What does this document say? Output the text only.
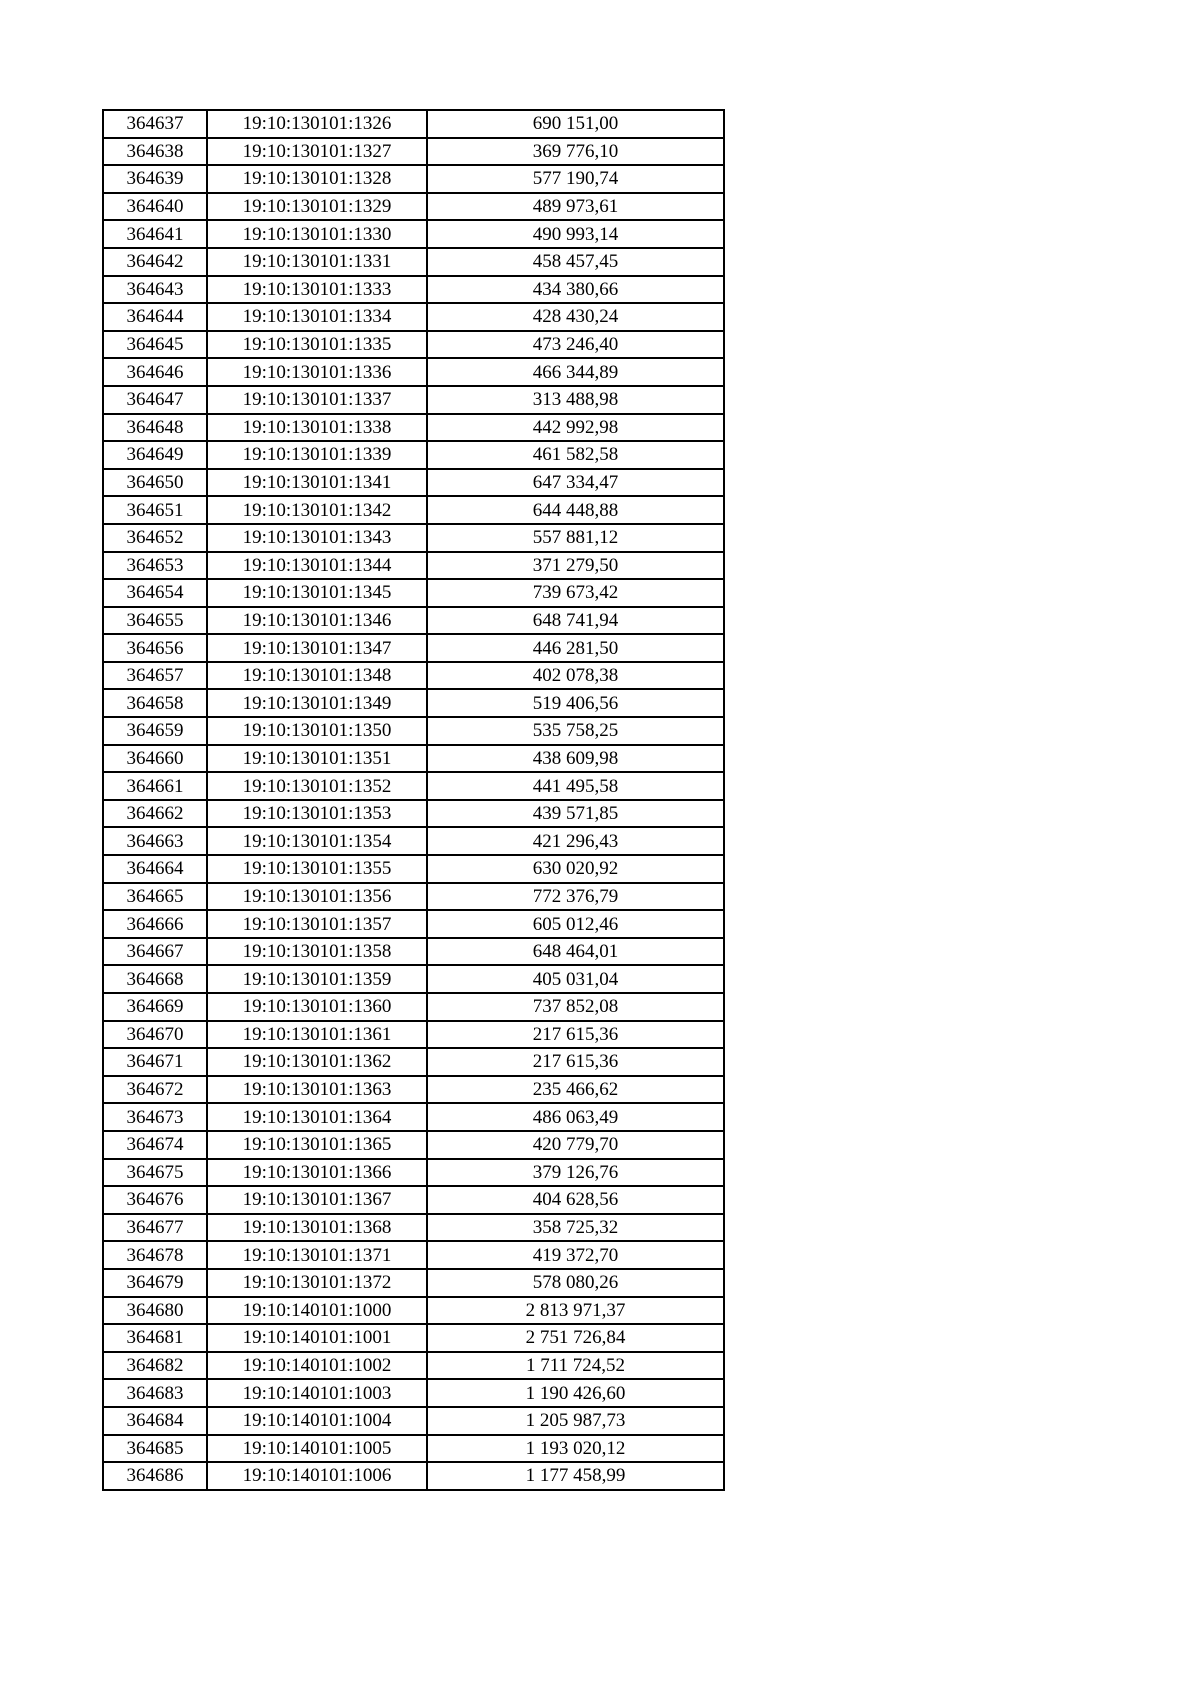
364637	19:10:130101:1326	690 151,00
364638	19:10:130101:1327	369 776,10
364639	19:10:130101:1328	577 190,74
364640	19:10:130101:1329	489 973,61
364641	19:10:130101:1330	490 993,14
364642	19:10:130101:1331	458 457,45
364643	19:10:130101:1333	434 380,66
364644	19:10:130101:1334	428 430,24
364645	19:10:130101:1335	473 246,40
364646	19:10:130101:1336	466 344,89
364647	19:10:130101:1337	313 488,98
364648	19:10:130101:1338	442 992,98
364649	19:10:130101:1339	461 582,58
364650	19:10:130101:1341	647 334,47
364651	19:10:130101:1342	644 448,88
364652	19:10:130101:1343	557 881,12
364653	19:10:130101:1344	371 279,50
364654	19:10:130101:1345	739 673,42
364655	19:10:130101:1346	648 741,94
364656	19:10:130101:1347	446 281,50
364657	19:10:130101:1348	402 078,38
364658	19:10:130101:1349	519 406,56
364659	19:10:130101:1350	535 758,25
364660	19:10:130101:1351	438 609,98
364661	19:10:130101:1352	441 495,58
364662	19:10:130101:1353	439 571,85
364663	19:10:130101:1354	421 296,43
364664	19:10:130101:1355	630 020,92
364665	19:10:130101:1356	772 376,79
364666	19:10:130101:1357	605 012,46
364667	19:10:130101:1358	648 464,01
364668	19:10:130101:1359	405 031,04
364669	19:10:130101:1360	737 852,08
364670	19:10:130101:1361	217 615,36
364671	19:10:130101:1362	217 615,36
364672	19:10:130101:1363	235 466,62
364673	19:10:130101:1364	486 063,49
364674	19:10:130101:1365	420 779,70
364675	19:10:130101:1366	379 126,76
364676	19:10:130101:1367	404 628,56
364677	19:10:130101:1368	358 725,32
364678	19:10:130101:1371	419 372,70
364679	19:10:130101:1372	578 080,26
364680	19:10:140101:1000	2 813 971,37
364681	19:10:140101:1001	2 751 726,84
364682	19:10:140101:1002	1 711 724,52
364683	19:10:140101:1003	1 190 426,60
364684	19:10:140101:1004	1 205 987,73
364685	19:10:140101:1005	1 193 020,12
364686	19:10:140101:1006	1 177 458,99
